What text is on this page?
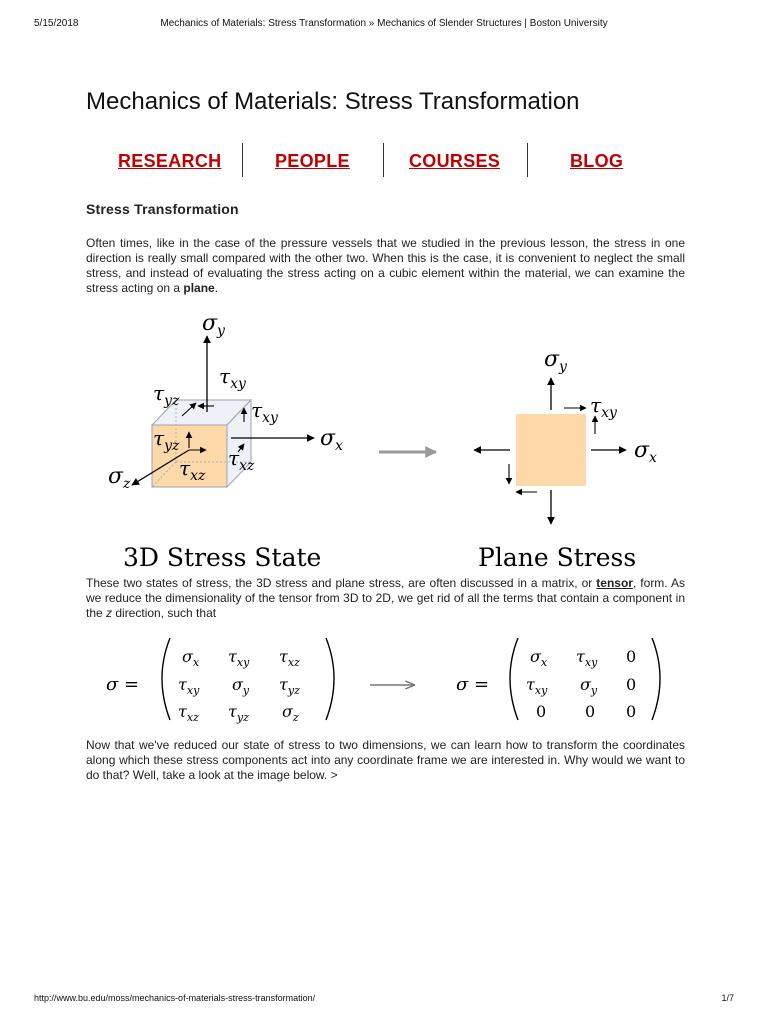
5/15/2018	Mechanics of Materials: Stress Transformation » Mechanics of Slender Structures | Boston University
Mechanics of Materials: Stress Transformation
RESEARCH	PEOPLE	COURSES	BLOG
Stress Transformation

Often times, like in the case of the pressure vessels that we studied in the previous lesson, the stress in one direction is really small compared with the other two. When this is the case, it is convenient to neglect the small stress, and instead of evaluating the stress acting on a cubic element within the material, we can examine the stress acting on a plane.

$\sigma_y$
$\tau_{xy}$
$\tau_{yz}$	$\tau_{xy}$
$\sigma_x$
$\tau_{yz}$
$\tau_{xz}$
$\tau_{xz}$
$\sigma_z$
$\sigma_y$
$\tau_{xy}$
$\sigma_x$
3D Stress State	Plane Stress

These two states of stress, the 3D stress and plane stress, are often discussed in a matrix, or tensor, form. As we reduce the dimensionality of the tensor from 3D to 2D, we get rid of all the terms that contain a component in the z direction, such that

σ =
$\sigma_x$ $\tau_{xy}$ $\tau_{xz}$
$\tau_{xy}$ $\sigma_y$ $\tau_{yz}$
$\tau_{xz}$ $\tau_{yz}$ $\sigma_z$
σ =
$\sigma_x$ $\tau_{xy}$ 0
$\tau_{xy}$ $\sigma_y$ 0
0 0 0

Now that we've reduced our state of stress to two dimensions, we can learn how to transform the coordinates along which these stress components act into any coordinate frame we are interested in. Why would we want to do that? Well, take a look at the image below. >

http://www.bu.edu/moss/mechanics-of-materials-stress-transformation/	1/7
